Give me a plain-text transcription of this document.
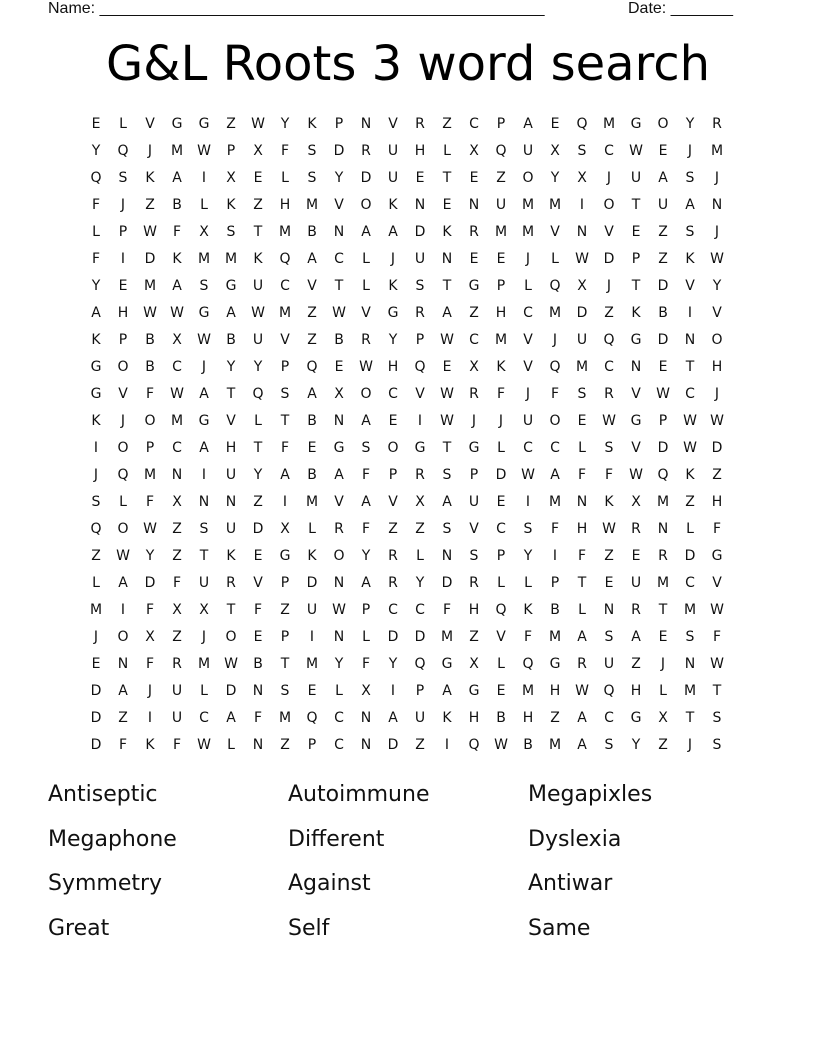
Name: __________________________________________________	Date: _______
G&L Roots 3 word search
E	L	V	G	G	Z	W	Y	K	P	N	V	R	Z	C	P	A	E	Q	M	G	O	Y	R
Y	Q	J	M	W	P	X	F	S	D	R	U	H	L	X	Q	U	X	S	C	W	E	J	M
Q	S	K	A	I	X	E	L	S	Y	D	U	E	T	E	Z	O	Y	X	J	U	A	S	J
F	J	Z	B	L	K	Z	H	M	V	O	K	N	E	N	U	M	M	I	O	T	U	A	N
L	P	W	F	X	S	T	M	B	N	A	A	D	K	R	M	M	V	N	V	E	Z	S	J
F	I	D	K	M	M	K	Q	A	C	L	J	U	N	E	E	J	L	W	D	P	Z	K	W
Y	E	M	A	S	G	U	C	V	T	L	K	S	T	G	P	L	Q	X	J	T	D	V	Y
A	H	W W	G	A	W	M	Z	W	V	G	R	A	Z	H	C	M	D	Z	K	B	I	V
K	P	B	X	W	B	U	V	Z	B	R	Y	P	W	C	M	V	J	U	Q	G	D	N	O
G	O	B	C	J	Y	Y	P	Q	E	W	H	Q	E	X	K	V	Q	M	C	N	E	T	H
G	V	F	W	A	T	Q	S	A	X	O	C	V	W	R	F	J	F	S	R	V	W	C	J
K	J	O	M	G	V	L	T	B	N	A	E	I	W	J	J	U	O	E	W	G	P	W W
I	O	P	C	A	H	T	F	E	G	S	O	G	T	G	L	C	C	L	S	V	D	W	D
J	Q	M	N	I	U	Y	A	B	A	F	P	R	S	P	D	W	A	F	F	W	Q	K	Z
S	L	F	X	N	N	Z	I	M	V	A	V	X	A	U	E	I	M	N	K	X	M	Z	H
Q	O	W	Z	S	U	D	X	L	R	F	Z	Z	S	V	C	S	F	H	W	R	N	L	F
Z	W	Y	Z	T	K	E	G	K	O	Y	R	L	N	S	P	Y	I	F	Z	E	R	D	G
L	A	D	F	U	R	V	P	D	N	A	R	Y	D	R	L	L	P	T	E	U	M	C	V
M	I	F	X	X	T	F	Z	U	W	P	C	C	F	H	Q	K	B	L	N	R	T	M	W
J	O	X	Z	J	O	E	P	I	N	L	D	D	M	Z	V	F	M	A	S	A	E	S	F
E	N	F	R	M	W	B	T	M	Y	F	Y	Q	G	X	L	Q	G	R	U	Z	J	N	W
D	A	J	U	L	D	N	S	E	L	X	I	P	A	G	E	M	H	W	Q	H	L	M	T
D	Z	I	U	C	A	F	M	Q	C	N	A	U	K	H	B	H	Z	A	C	G	X	T	S
D	F	K	F	W	L	N	Z	P	C	N	D	Z	I	Q	W	B	M	A	S	Y	Z	J	S
Antiseptic	Autoimmune	Megapixles
Megaphone	Different	Dyslexia
Symmetry	Against	Antiwar
Great	Self	Same
